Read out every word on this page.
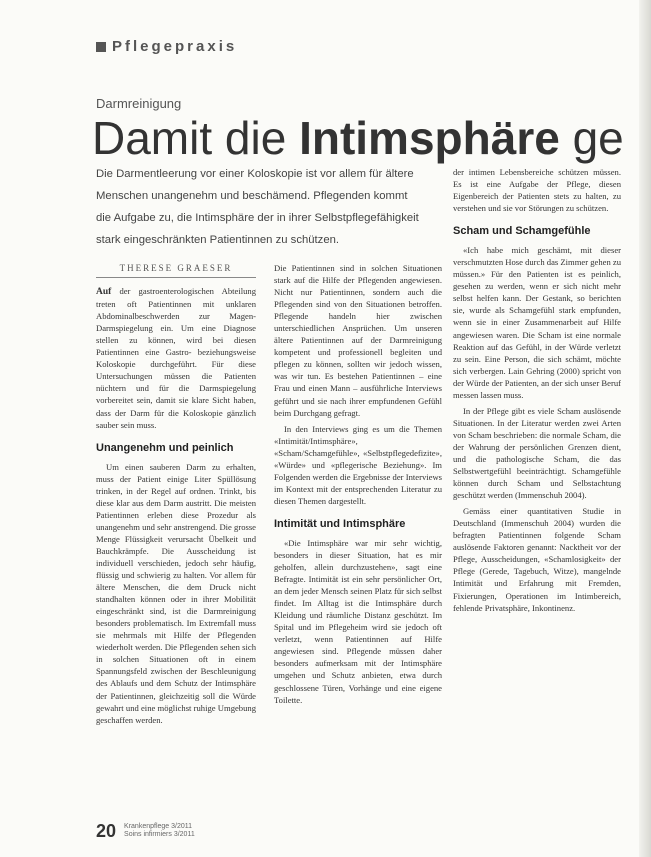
Pflegepraxis
Darmreinigung
Damit die Intimsphäre ge
Die Darmentleerung vor einer Koloskopie ist vor allem für ältere Menschen unangenehm und beschämend. Pflegenden kommt die Aufgabe zu, die Intimsphäre der in ihrer Selbstpflegefähigkeit stark eingeschränkten Patientinnen zu schützen.
THERESE GRAESER

Auf der gastroenterologischen Abteilung treten oft Patientinnen mit unklaren Abdominalbeschwerden zur Magen-Darmspiegelung ein. Um eine Diagnose stellen zu können, wird bei diesen Patientinnen eine Gastro- beziehungsweise Koloskopie durchgeführt. Für diese Untersuchungen müssen die Patienten nüchtern und für die Darmspiegelung vorbereitet sein, damit sie klare Sicht haben, dass der Darm für die Koloskopie gänzlich sauber sein muss.

Unangenehm und peinlich

Um einen sauberen Darm zu erhalten, muss der Patient einige Liter Spüllösung trinken, in der Regel auf ordnen. Trinkt, bis diese klar aus dem Darm austritt. Die meisten Patientinnen erleben diese Prozedur als unangenehm und sehr anstrengend. Die grosse Menge Flüssigkeit verursacht Übelkeit und Bauchkrämpfe. Die Ausscheidung ist individuell verschieden, jedoch sehr häufig, flüssig und schwierig zu halten. Vor allem für ältere Menschen, die dem Druck nicht standhalten können oder in ihrer Mobilität eingeschränkt sind, ist die Darmreinigung besonders problematisch. Im Extremfall muss sie mehrmals mit Hilfe der Pflegenden wiederholt werden. Die Pflegenden sehen sich in solchen Situationen oft in einem Spannungsfeld zwischen der Beschleunigung des Ablaufs und dem Schutz der Intimsphäre der Patientinnen, gleichzeitig soll die Würde gewahrt und eine möglichst ruhige Umgebung geschaffen werden.

Die Patientinnen sind in solchen Situationen stark auf die Hilfe der Pflegenden angewiesen. Nicht nur Patientinnen, sondern auch die Pflegenden sind von den Situationen betroffen. Pflegende handeln hier zwischen unterschiedlichen Ansprüchen. Um unseren ältere Patientinnen auf der Darmreinigung kompetent und professionell begleiten und pflegen zu können, sollten wir jedoch wissen, was wir tun. Es bestehen Patientinnen – eine Frau und einen Mann – ausführliche Interviews geführt und sie nach ihrer empfundenen Gefühl beim Durchgang gefragt.

In den Interviews ging es um die Themen «Intimität/Intimsphäre», «Scham/Schamgefühle», «Selbstpflegedefizite», «Würde» und «pflegerische Beziehung». Im Folgenden werden die Ergebnisse der Interviews im Kontext mit der entsprechenden Literatur zu diesen Themen dargestellt.

Intimität und Intimsphäre

«Die Intimsphäre war mir sehr wichtig, besonders in dieser Situation, hat es mir geholfen, allein durchzustehen», sagt eine Befragte. Intimität ist ein sehr persönlicher Ort, an dem jeder Mensch seinen Platz für sich selbst findet. Im Alltag ist die Intimsphäre durch Kleidung und räumliche Distanz geschützt. Im Spital und im Pflegeheim wird sie jedoch oft verletzt, wenn Patientinnen auf Hilfe angewiesen sind. Pflegende müssen daher besonders aufmerksam mit der Intimsphäre umgehen und Schutz anbieten, etwa durch geschlossene Türen, Vorhänge und eine eigene Toilette.

der intimen Lebensbereiche schützen müssen. Es ist eine Aufgabe der Pflege, diesen Eigenbereich der Patienten stets zu halten, zu verstehen und sie vor Störungen zu schützen.

Scham und Schamgefühle

«Ich habe mich geschämt, mit dieser verschmutzten Hose durch das Zimmer gehen zu müssen.» Für den Patienten ist es peinlich, gesehen zu werden, wenn er sich nicht mehr selbst helfen kann. Der Gestank, so berichten sie, wurde als Schamgefühl stark empfunden, wenn sie in einer Zusammenarbeit auf Hilfe angewiesen waren. Die Scham ist eine normale Reaktion auf das Gefühl, in der Würde verletzt zu sein. Eine Person, die sich schämt, möchte sich verbergen. Lain Gehring (2000) spricht von der Würde der Patienten, an der sich unser Beruf messen lassen muss.

In der Pflege gibt es viele Scham auslösende Situationen. In der Literatur werden zwei Arten von Scham beschrieben: die normale Scham, die der Wahrung der persönlichen Grenzen dient, und die pathologische Scham, die das Selbstwertgefühl beeinträchtigt. Schamgefühle können durch Scham und Selbstachtung geschützt werden (Immenschuh 2004).

Gemäss einer quantitativen Studie in Deutschland (Immenschuh 2004) wurden die befragten Patientinnen folgende Scham auslösende Faktoren genannt: Nacktheit vor der Pflege, Ausscheidungen, «Schamlosigkeit» der Pflege (Gerede, Tagebuch, Witze), mangelnde Intimität und Erfahrung mit Fremden, Fixierungen, Operationen im Intimbereich, fehlende Privatsphäre, Inkontinenz.

20 Krankenpflege 3/2011
Soins infirmiers 3/2011
